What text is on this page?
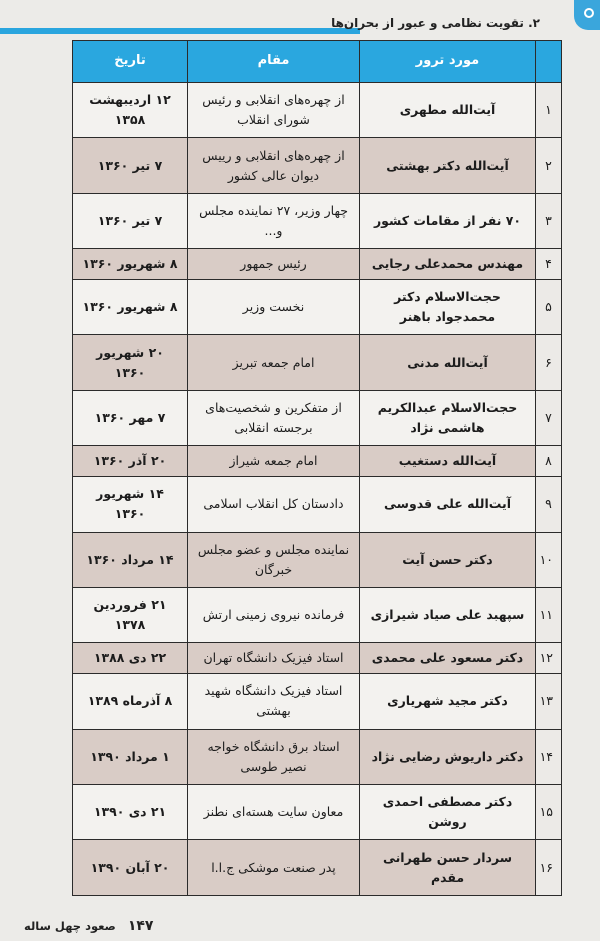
۲. تقویت نظامی و عبور از بحران‌ها
	مورد ترور	مقام	تاریخ
۱	آیت‌الله مطهری	از چهره‌های انقلابی و رئیس شورای انقلاب	۱۲ اردیبهشت ۱۳۵۸
۲	آیت‌الله دکتر بهشتی	از چهره‌های انقلابی و رییس دیوان عالی کشور	۷ تیر ۱۳۶۰
۳	۷۰ نفر از مقامات کشور	چهار وزیر، ۲۷ نماینده مجلس و...	۷ تیر ۱۳۶۰
۴	مهندس محمدعلی رجایی	رئیس جمهور	۸ شهریور ۱۳۶۰
۵	حجت‌الاسلام دکتر محمدجواد باهنر	نخست وزیر	۸ شهریور ۱۳۶۰
۶	آیت‌الله مدنی	امام جمعه تبریز	۲۰ شهریور ۱۳۶۰
۷	حجت‌الاسلام عبدالکریم هاشمی نژاد	از متفکرین و شخصیت‌های برجسته انقلابی	۷ مهر ۱۳۶۰
۸	آیت‌الله دستغیب	امام جمعه شیراز	۲۰ آذر ۱۳۶۰
۹	آیت‌الله علی قدوسی	دادستان کل انقلاب اسلامی	۱۴ شهریور ۱۳۶۰
۱۰	دکتر حسن آیت	نماینده مجلس و عضو مجلس خبرگان	۱۴ مرداد ۱۳۶۰
۱۱	سپهبد علی صیاد شیرازی	فرمانده نیروی زمینی ارتش	۲۱ فروردین ۱۳۷۸
۱۲	دکتر مسعود علی محمدی	استاد فیزیک دانشگاه تهران	۲۲ دی ۱۳۸۸
۱۳	دکتر مجید شهریاری	استاد فیزیک دانشگاه شهید بهشتی	۸ آذرماه ۱۳۸۹
۱۴	دکتر داریوش رضایی نژاد	استاد برق دانشگاه خواجه نصیر طوسی	۱ مرداد ۱۳۹۰
۱۵	دکتر مصطفی احمدی روشن	معاون سایت هسته‌ای نطنز	۲۱ دی ۱۳۹۰
۱۶	سردار حسن طهرانی مقدم	پدر صنعت موشکی ج.ا.ا	۲۰ آبان ۱۳۹۰
۱۴۷ صعود چهل ساله
